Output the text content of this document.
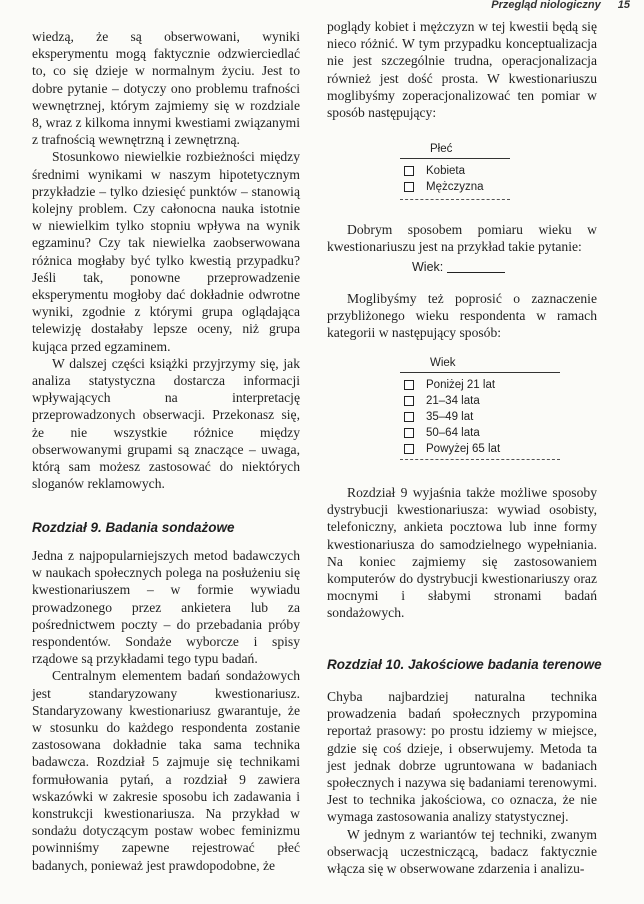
Przegląd niologiczny 15

wiedzą, że są obserwowani, wyniki eksperymentu mogą faktycznie odzwierciedlać to, co się dzieje w normalnym życiu. Jest to dobre pytanie – dotyczy ono problemu trafności wewnętrznej, którym zajmiemy się w rozdziale 8, wraz z kilkoma innymi kwestiami związanymi z trafnością wewnętrzną i zewnętrzną.

Stosunkowo niewielkie rozbieżności między średnimi wynikami w naszym hipotetycznym przykładzie – tylko dziesięć punktów – stanowią kolejny problem. Czy całonocna nauka istotnie w niewielkim tylko stopniu wpływa na wynik egzaminu? Czy tak niewielka zaobserwowana różnica mogłaby być tylko kwestią przypadku? Jeśli tak, ponowne przeprowadzenie eksperymentu mogłoby dać dokładnie odwrotne wyniki, zgodnie z którymi grupa oglądająca telewizję dostałaby lepsze oceny, niż grupa kująca przed egzaminem.

W dalszej części książki przyjrzymy się, jak analiza statystyczna dostarcza informacji wpływających na interpretację przeprowadzonych obserwacji. Przekonasz się, że nie wszystkie różnice między obserwowanymi grupami są znaczące – uwaga, którą sam możesz zastosować do niektórych sloganów reklamowych.

Rozdział 9. Badania sondażowe

Jedna z najpopularniejszych metod badawczych w naukach społecznych polega na posłużeniu się kwestionariuszem – w formie wywiadu prowadzonego przez ankietera lub za pośrednictwem poczty – do przebadania próby respondentów. Sondaże wyborcze i spisy rządowe są przykładami tego typu badań.

Centralnym elementem badań sondażowych jest standaryzowany kwestionariusz. Standaryzowany kwestionariusz gwarantuje, że w stosunku do każdego respondenta zostanie zastosowana dokładnie taka sama technika badawcza. Rozdział 5 zajmuje się technikami formułowania pytań, a rozdział 9 zawiera wskazówki w zakresie sposobu ich zadawania i konstrukcji kwestionariusza. Na przykład w sondażu dotyczącym postaw wobec feminizmu powinniśmy zapewne rejestrować płeć badanych, ponieważ jest prawdopodobne, że

poglądy kobiet i mężczyzn w tej kwestii będą się nieco różnić. W tym przypadku konceptualizacja nie jest szczególnie trudna, operacjonalizacja również jest dość prosta. W kwestionariuszu moglibyśmy zoperacjonalizować ten pomiar w sposób następujący:

Płeć
Kobieta
Mężczyzna

Dobrym sposobem pomiaru wieku w kwestionariuszu jest na przykład takie pytanie:

Wiek:

Moglibyśmy też poprosić o zaznaczenie przybliżonego wieku respondenta w ramach kategorii w następujący sposób:

Wiek
Poniżej 21 lat
21–34 lata
35–49 lat
50–64 lata
Powyżej 65 lat

Rozdział 9 wyjaśnia także możliwe sposoby dystrybucji kwestionariusza: wywiad osobisty, telefoniczny, ankieta pocztowa lub inne formy kwestionariusza do samodzielnego wypełniania. Na koniec zajmiemy się zastosowaniem komputerów do dystrybucji kwestionariuszy oraz mocnymi i słabymi stronami badań sondażowych.

Rozdział 10. Jakościowe badania terenowe

Chyba najbardziej naturalna technika prowadzenia badań społecznych przypomina reportaż prasowy: po prostu idziemy w miejsce, gdzie się coś dzieje, i obserwujemy. Metoda ta jest jednak dobrze ugruntowana w badaniach społecznych i nazywa się badaniami terenowymi. Jest to technika jakościowa, co oznacza, że nie wymaga zastosowania analizy statystycznej.

W jednym z wariantów tej techniki, zwanym obserwacją uczestniczącą, badacz faktycznie włącza się w obserwowane zdarzenia i analizu-
